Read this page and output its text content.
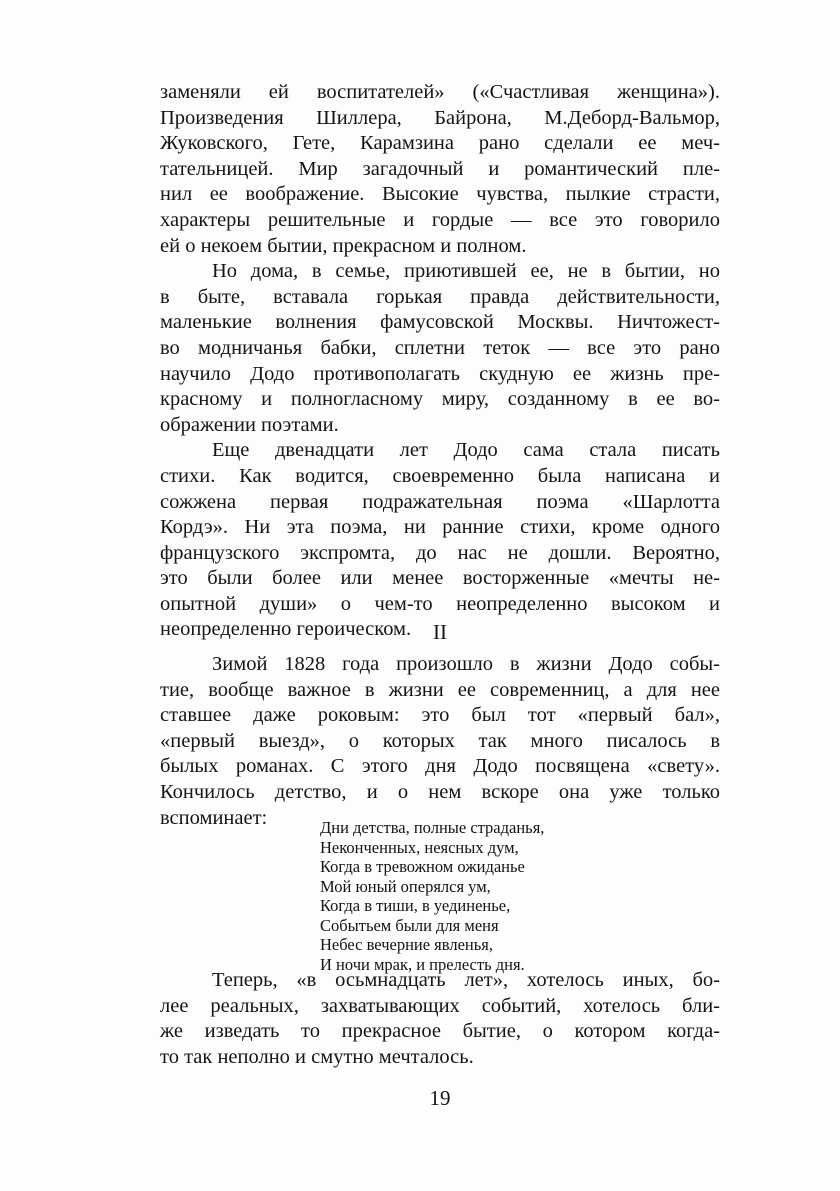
заменяли ей воспитателей» («Счастливая женщина»).
Произведения Шиллера, Байрона, М.Деборд-Вальмор,
Жуковского, Гете, Карамзина рано сделали ее меч-
тательницей. Мир загадочный и романтический пле-
нил ее воображение. Высокие чувства, пылкие страсти,
характеры решительные и гордые — все это говорило
ей о некоем бытии, прекрасном и полном.
Но дома, в семье, приютившей ее, не в бытии, но
в быте, вставала горькая правда действительности,
маленькие волнения фамусовской Москвы. Ничтожест-
во модничанья бабки, сплетни теток — все это рано
научило Додо противополагать скудную ее жизнь пре-
красному и полногласному миру, созданному в ее во-
ображении поэтами.
Еще двенадцати лет Додо сама стала писать
стихи. Как водится, своевременно была написана и
сожжена первая подражательная поэма «Шарлотта
Кордэ». Ни эта поэма, ни ранние стихи, кроме одного
французского экспромта, до нас не дошли. Вероятно,
это были более или менее восторженные «мечты не-
опытной души» о чем-то неопределенно высоком и
неопределенно героическом.	II
Зимой 1828 года произошло в жизни Додо собы-
тие, вообще важное в жизни ее современниц, а для нее
ставшее даже роковым: это был тот «первый бал»,
«первый выезд», о которых так много писалось в
былых романах. С этого дня Додо посвящена «свету».
Кончилось детство, и о нем вскоре она уже только
вспоминает:	Дни детства, полные страданья,
Неконченных, неясных дум,
Когда в тревожном ожиданье
Мой юный оперялся ум,
Когда в тиши, в уединенье,
Событьем были для меня
Небес вечерние явленья,
И ночи мрак, и прелесть дня.
Теперь, «в осьмнадцать лет», хотелось иных, бо-
лее реальных, захватывающих событий, хотелось бли-
же изведать то прекрасное бытие, о котором когда-
то так неполно и смутно мечталось.
19
